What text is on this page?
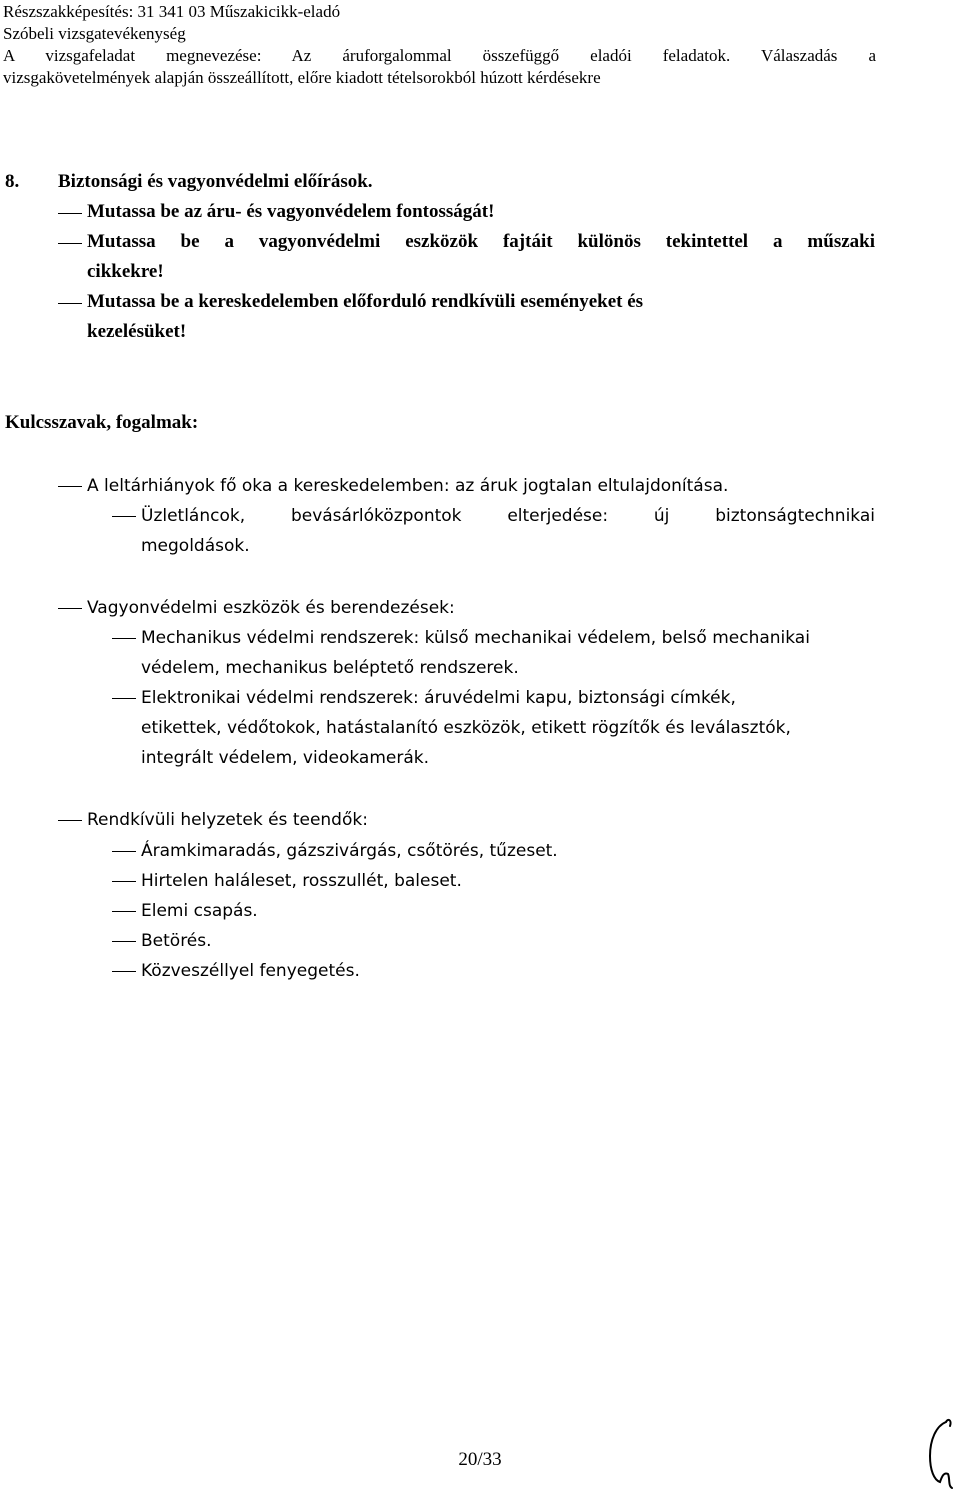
Részszakképesítés: 31 341 03 Műszakicikk-eladó
Szóbeli vizsgatevékenység
A vizsgafeladat megnevezése: Az áruforgalommal összefüggő eladói feladatok. Válaszadás a
vizsgakövetelmények alapján összeállított, előre kiadott tételsorokból húzott kérdésekre
8. Biztonsági és vagyonvédelmi előírások.
Mutassa be az áru- és vagyonvédelem fontosságát!
Mutassa be a vagyonvédelmi eszközök fajtáit különös tekintettel a műszaki
cikkekre!
Mutassa be a kereskedelemben előforduló rendkívüli eseményeket és
kezelésüket!
Kulcsszavak, fogalmak:
A leltárhiányok fő oka a kereskedelemben: az áruk jogtalan eltulajdonítása.
Üzletláncok, bevásárlóközpontok elterjedése: új biztonságtechnikai
megoldások.
Vagyonvédelmi eszközök és berendezések:
Mechanikus védelmi rendszerek: külső mechanikai védelem, belső mechanikai
védelem, mechanikus beléptető rendszerek.
Elektronikai védelmi rendszerek: áruvédelmi kapu, biztonsági címkék,
etikettek, védőtokok, hatástalanító eszközök, etikett rögzítők és leválasztók,
integrált védelem, videokamerák.
Rendkívüli helyzetek és teendők:
Áramkimaradás, gázszivárgás, csőtörés, tűzeset.
Hirtelen haláleset, rosszullét, baleset.
Elemi csapás.
Betörés.
Közveszéllyel fenyegetés.
20/33
